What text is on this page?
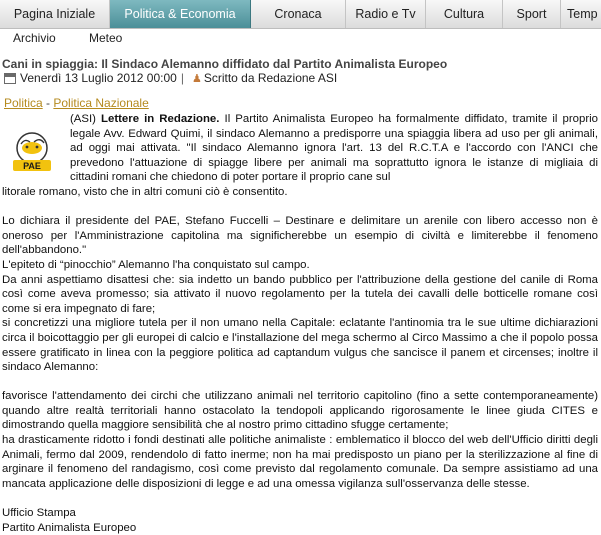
Pagina Iniziale	Politica & Economia	Cronaca	Radio e Tv	Cultura	Sport	Temp
Archivio	Meteo
Cani in spiaggia: Il Sindaco Alemanno diffidato dal Partito Animalista Europeo
Venerdì 13 Luglio 2012 00:00 | ♟ Scritto da Redazione ASI
Politica - Politica Nazionale
PAE

(ASI) Lettere in Redazione. Il Partito Animalista Europeo ha formalmente diffidato, tramite il proprio legale Avv. Edward Quimi, il sindaco Alemanno a predisporre una spiaggia libera ad uso per gli animali, ad oggi mai attivata. "Il sindaco Alemanno ignora l'art. 13 del R.C.T.A e l'accordo con l'ANCI che prevedono l'attuazione di spiagge libere per animali ma soprattutto ignora le istanze di migliaia di cittadini romani che chiedono di poter portare il proprio cane sul

litorale romano, visto che in altri comuni ciò è consentito.

Lo dichiara il presidente del PAE, Stefano Fuccelli – Destinare e delimitare un arenile con libero accesso non è oneroso per l'Amministrazione capitolina ma significherebbe un esempio di civiltà e limiterebbe il fenomeno dell'abbandono."

L'epiteto di “pinocchio” Alemanno l'ha conquistato sul campo.

Da anni aspettiamo disattesi che: sia indetto un bando pubblico per l'attribuzione della gestione del canile di Roma così come aveva promesso; sia attivato il nuovo regolamento per la tutela dei cavalli delle botticelle romane così come si era impegnato di fare;

si concretizzi una migliore tutela per il non umano nella Capitale: eclatante l'antinomia tra le sue ultime dichiarazioni circa il boicottaggio per gli europei di calcio e l'installazione del mega schermo al Circo Massimo a che il popolo possa essere gratificato in linea con la peggiore politica ad captandum vulgus che sancisce il panem et circenses; inoltre il sindaco Alemanno:

favorisce l'attendamento dei circhi che utilizzano animali nel territorio capitolino (fino a sette contemporaneamente) quando altre realtà territoriali hanno ostacolato la tendopoli applicando rigorosamente le linee giuda CITES e dimostrando quella maggiore sensibilità che al nostro primo cittadino sfugge certamente;

ha drasticamente ridotto i fondi destinati alle politiche animaliste : emblematico il blocco del web dell'Ufficio diritti degli Animali, fermo dal 2009, rendendolo di fatto inerme; non ha mai predisposto un piano per la sterilizzazione al fine di arginare il fenomeno del randagismo, così come previsto dal regolamento comunale. Da sempre assistiamo ad una mancata applicazione delle disposizioni di legge e ad una omessa vigilanza sull'osservanza delle stesse.

Ufficio Stampa

Partito Animalista Europeo
